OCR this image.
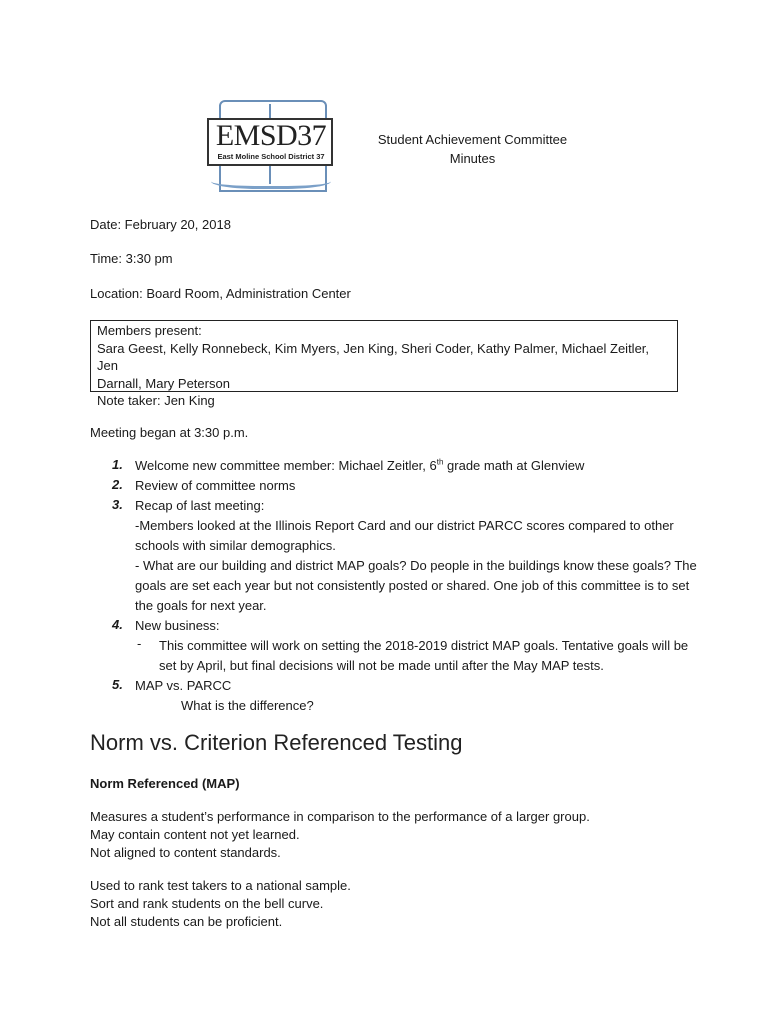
EMSD37
East Moline School District 37
Student Achievement Committee
Minutes
Date: February 20, 2018
Time: 3:30 pm
Location: Board Room, Administration Center
Members present:
Sara Geest, Kelly Ronnebeck, Kim Myers, Jen King, Sheri Coder, Kathy Palmer, Michael Zeitler, Jen
Darnall, Mary Peterson
Note taker: Jen King
Meeting began at 3:30 p.m.
1. Welcome new committee member: Michael Zeitler, 6th grade math at Glenview
2. Review of committee norms
3. Recap of last meeting:
-Members looked at the Illinois Report Card and our district PARCC scores compared to other
schools with similar demographics.
- What are our building and district MAP goals? Do people in the buildings know these goals? The
goals are set each year but not consistently posted or shared. One job of this committee is to set
the goals for next year.
4. New business:
- This committee will work on setting the 2018-2019 district MAP goals. Tentative goals will be
set by April, but final decisions will not be made until after the May MAP tests.
5. MAP vs. PARCC
What is the difference?
Norm vs. Criterion Referenced Testing
Norm Referenced (MAP)
Measures a student’s performance in comparison to the performance of a larger group.
May contain content not yet learned.
Not aligned to content standards.
Used to rank test takers to a national sample.
Sort and rank students on the bell curve.
Not all students can be proficient.
